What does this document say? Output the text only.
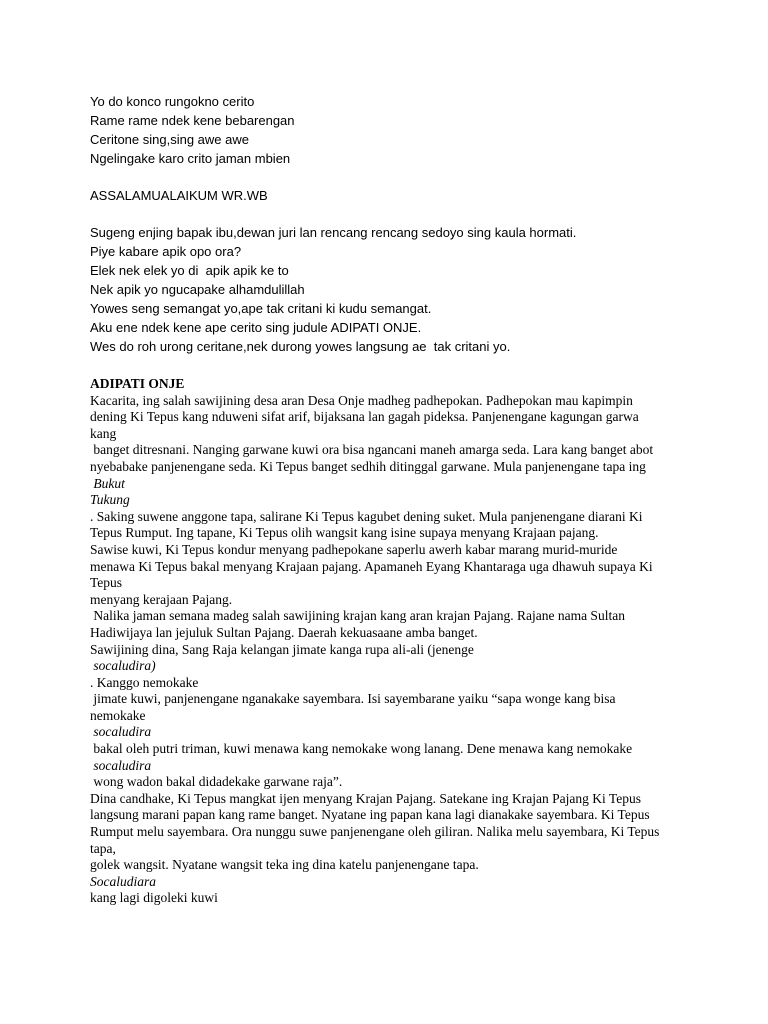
Yo do konco rungokno cerito

Rame rame ndek kene bebarengan

Ceritone sing,sing awe awe

Ngelingake karo crito jaman mbien

ASSALAMUALAIKUM WR.WB

Sugeng enjing bapak ibu,dewan juri lan rencang rencang sedoyo sing kaula hormati.

Piye kabare apik opo ora?

Elek nek elek yo di  apik apik ke to

Nek apik yo ngucapake alhamdulillah

Yowes seng semangat yo,ape tak critani ki kudu semangat.

Aku ene ndek kene ape cerito sing judule ADIPATI ONJE.

Wes do roh urong ceritane,nek durong yowes langsung ae  tak critani yo.

ADIPATI ONJE

Kacarita, ing salah sawijining desa aran Desa Onje madheg padhepokan. Padhepokan mau kapimpin

dening Ki Tepus kang nduweni sifat arif, bijaksana lan gagah pideksa. Panjenengane kagungan garwa

kang

banget ditresnani. Nanging garwane kuwi ora bisa ngancani maneh amarga seda. Lara kang banget abot

nyebabake panjenengane seda. Ki Tepus banget sedhih ditinggal garwane. Mula panjenengane tapa ing

Bukut

Tukung

. Saking suwene anggone tapa, salirane Ki Tepus kagubet dening suket. Mula panjenengane diarani Ki

Tepus Rumput. Ing tapane, Ki Tepus olih wangsit kang isine supaya menyang Krajaan pajang.

Sawise kuwi, Ki Tepus kondur menyang padhepokane saperlu awerh kabar marang murid-muride

menawa Ki Tepus bakal menyang Krajaan pajang. Apamaneh Eyang Khantaraga uga dhawuh supaya Ki

Tepus

menyang kerajaan Pajang.

Nalika jaman semana madeg salah sawijining krajan kang aran krajan Pajang. Rajane nama Sultan

Hadiwijaya lan jejuluk Sultan Pajang. Daerah kekuasaane amba banget.

Sawijining dina, Sang Raja kelangan jimate kanga rupa ali-ali (jenenge

socaludira)

. Kanggo nemokake

jimate kuwi, panjenengane nganakake sayembara. Isi sayembarane yaiku “sapa wonge kang bisa

nemokake

socaludira

bakal oleh putri triman, kuwi menawa kang nemokake wong lanang. Dene menawa kang nemokake

socaludira

wong wadon bakal didadekake garwane raja”.

Dina candhake, Ki Tepus mangkat ijen menyang Krajan Pajang. Satekane ing Krajan Pajang Ki Tepus

langsung marani papan kang rame banget. Nyatane ing papan kana lagi dianakake sayembara. Ki Tepus

Rumput melu sayembara. Ora nunggu suwe panjenengane oleh giliran. Nalika melu sayembara, Ki Tepus

tapa,

golek wangsit. Nyatane wangsit teka ing dina katelu panjenengane tapa.

Socaludiara

kang lagi digoleki kuwi
